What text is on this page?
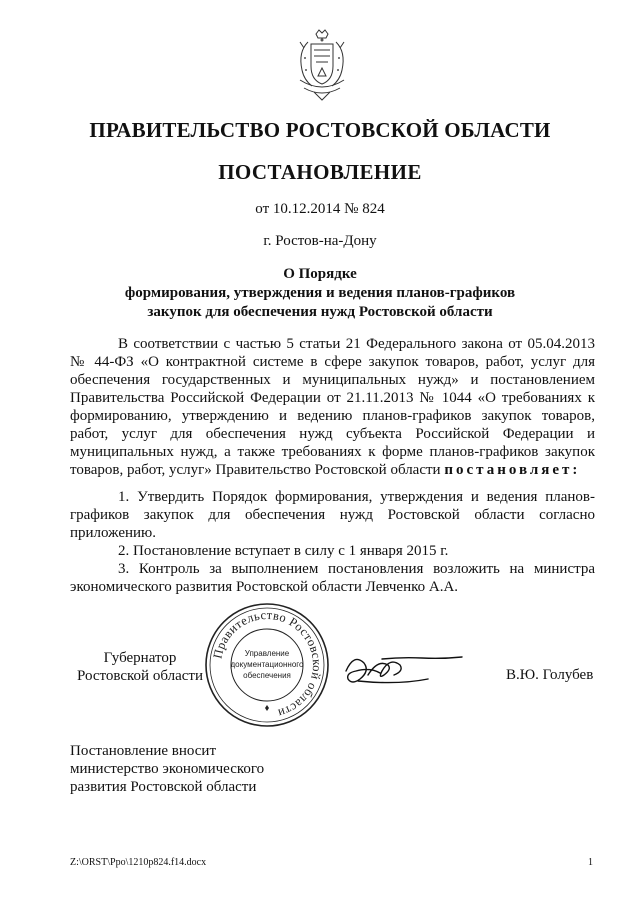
ПРАВИТЕЛЬСТВО РОСТОВСКОЙ ОБЛАСТИ
ПОСТАНОВЛЕНИЕ
от 10.12.2014 № 824
г. Ростов-на-Дону
О Порядке
формирования, утверждения и ведения планов-графиков
закупок для обеспечения нужд Ростовской области

В соответствии с частью 5 статьи 21 Федерального закона от 05.04.2013 № 44-ФЗ «О контрактной системе в сфере закупок товаров, работ, услуг для обеспечения государственных и муниципальных нужд» и постановлением Правительства Российской Федерации от 21.11.2013 № 1044 «О требованиях к формированию, утверждению и ведению планов-графиков закупок товаров, работ, услуг для обеспечения нужд субъекта Российской Федерации и муниципальных нужд, а также требованиях к форме планов-графиков закупок товаров, работ, услуг» Правительство Ростовской области постановляет:

1. Утвердить Порядок формирования, утверждения и ведения планов-графиков закупок для обеспечения нужд Ростовской области согласно приложению.

2. Постановление вступает в силу с 1 января 2015 г.

3. Контроль за выполнением постановления возложить на министра экономического развития Ростовской области Левченко А.А.

Губернатор
Ростовской области
Правительство Ростовской области
Управление
документационного
обеспечения	В.Ю. Голубев
Постановление вносит
министерство экономического
развития Ростовской области
Z:\ORST\Ppo\1210p824.f14.docx	1
